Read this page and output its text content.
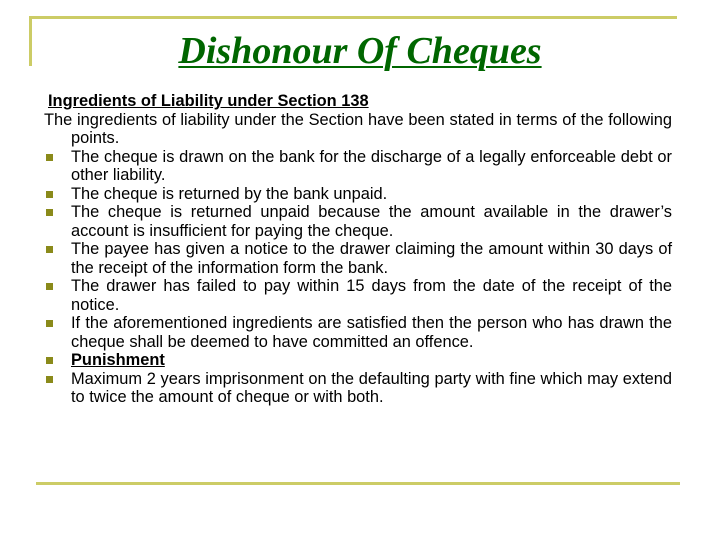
Dishonour Of Cheques
Ingredients of Liability under Section 138
The ingredients of liability under the Section have been stated in terms of the following points.
The cheque is drawn on the bank for the discharge of a legally enforceable debt or other liability.
The cheque is returned by the bank unpaid.
The cheque is returned unpaid because the amount available in the drawer’s account is insufficient for paying the cheque.
The payee has given a notice to the drawer claiming the amount within 30 days of the receipt of the information form the bank.
The drawer has failed to pay within 15 days from the date of the receipt of the notice.
If the aforementioned ingredients are satisfied then the person who has drawn the cheque shall be deemed to have committed an offence.
Punishment
Maximum 2 years imprisonment on the defaulting party with fine which may extend to twice the amount of cheque or with both.
